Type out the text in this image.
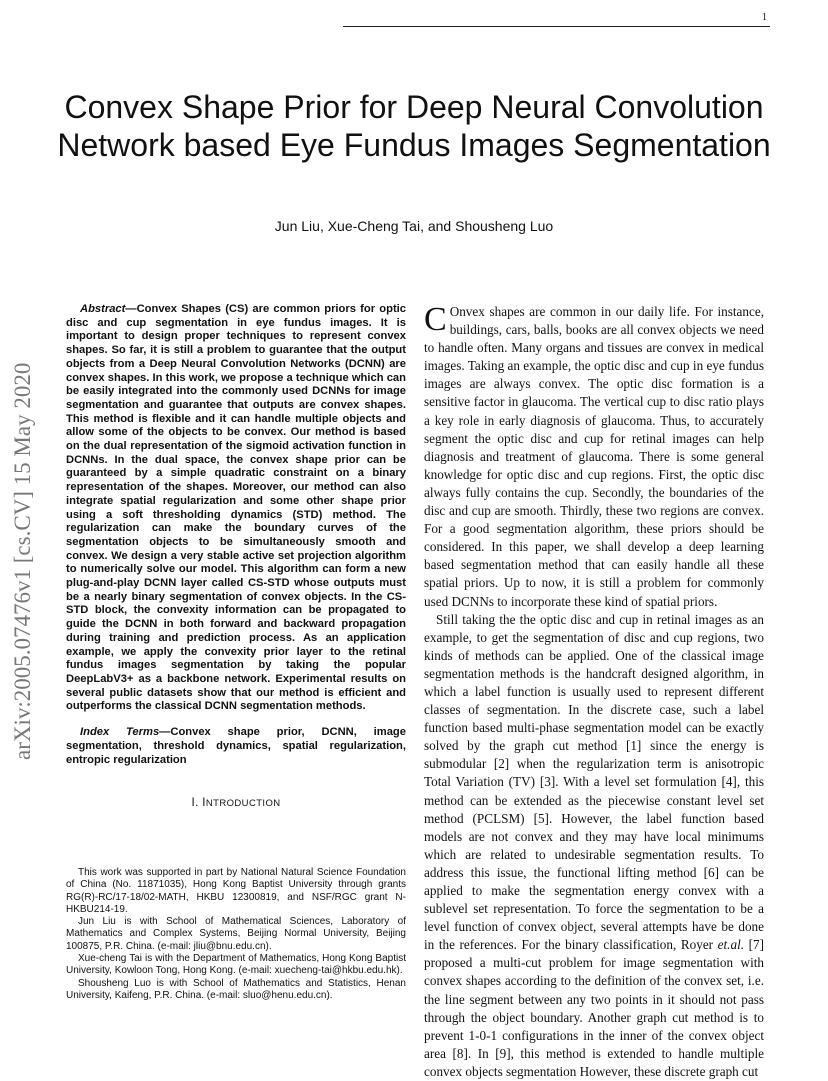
1
arXiv:2005.07476v1 [cs.CV] 15 May 2020
Convex Shape Prior for Deep Neural Convolution Network based Eye Fundus Images Segmentation
Jun Liu, Xue-Cheng Tai, and Shousheng Luo

Abstract—Convex Shapes (CS) are common priors for optic disc and cup segmentation in eye fundus images. It is important to design proper techniques to represent convex shapes. So far, it is still a problem to guarantee that the output objects from a Deep Neural Convolution Networks (DCNN) are convex shapes. In this work, we propose a technique which can be easily integrated into the commonly used DCNNs for image segmentation and guarantee that outputs are convex shapes. This method is flexible and it can handle multiple objects and allow some of the objects to be convex. Our method is based on the dual representation of the sigmoid activation function in DCNNs. In the dual space, the convex shape prior can be guaranteed by a simple quadratic constraint on a binary representation of the shapes. Moreover, our method can also integrate spatial regularization and some other shape prior using a soft thresholding dynamics (STD) method. The regularization can make the boundary curves of the segmentation objects to be simultaneously smooth and convex. We design a very stable active set projection algorithm to numerically solve our model. This algorithm can form a new plug-and-play DCNN layer called CS-STD whose outputs must be a nearly binary segmentation of convex objects. In the CS-STD block, the convexity information can be propagated to guide the DCNN in both forward and backward propagation during training and prediction process. As an application example, we apply the convexity prior layer to the retinal fundus images segmentation by taking the popular DeepLabV3+ as a backbone network. Experimental results on several public datasets show that our method is efficient and outperforms the classical DCNN segmentation methods.

Index Terms—Convex shape prior, DCNN, image segmentation, threshold dynamics, spatial regularization, entropic regularization

I. INTRODUCTION

This work was supported in part by National Natural Science Foundation of China (No. 11871035), Hong Kong Baptist University through grants RG(R)-RC/17-18/02-MATH, HKBU 12300819, and NSF/RGC grant N-HKBU214-19.

Jun Liu is with School of Mathematical Sciences, Laboratory of Mathematics and Complex Systems, Beijing Normal University, Beijing 100875, P.R. China. (e-mail: jliu@bnu.edu.cn).

Xue-cheng Tai is with the Department of Mathematics, Hong Kong Baptist University, Kowloon Tong, Hong Kong. (e-mail: xuecheng-tai@hkbu.edu.hk).

Shousheng Luo is with School of Mathematics and Statistics, Henan University, Kaifeng, P.R. China. (e-mail: sluo@henu.edu.cn).

C Onvex shapes are common in our daily life. For instance, buildings, cars, balls, books are all convex objects we need to handle often. Many organs and tissues are convex in medical images. Taking an example, the optic disc and cup in eye fundus images are always convex. The optic disc formation is a sensitive factor in glaucoma. The vertical cup to disc ratio plays a key role in early diagnosis of glaucoma. Thus, to accurately segment the optic disc and cup for retinal images can help diagnosis and treatment of glaucoma. There is some general knowledge for optic disc and cup regions. First, the optic disc always fully contains the cup. Secondly, the boundaries of the disc and cup are smooth. Thirdly, these two regions are convex. For a good segmentation algorithm, these priors should be considered. In this paper, we shall develop a deep learning based segmentation method that can easily handle all these spatial priors. Up to now, it is still a problem for commonly used DCNNs to incorporate these kind of spatial priors.

Still taking the the optic disc and cup in retinal images as an example, to get the segmentation of disc and cup regions, two kinds of methods can be applied. One of the classical image segmentation methods is the handcraft designed algorithm, in which a label function is usually used to represent different classes of segmentation. In the discrete case, such a label function based multi-phase segmentation model can be exactly solved by the graph cut method [1] since the energy is submodular [2] when the regularization term is anisotropic Total Variation (TV) [3]. With a level set formulation [4], this method can be extended as the piecewise constant level set method (PCLSM) [5]. However, the label function based models are not convex and they may have local minimums which are related to undesirable segmentation results. To address this issue, the functional lifting method [6] can be applied to make the segmentation energy convex with a sublevel set representation. To force the segmentation to be a level function of convex object, several attempts have be done in the references. For the binary classification, Royer et.al. [7] proposed a multi-cut problem for image segmentation with convex shapes according to the definition of the convex set, i.e. the line segment between any two points in it should not pass through the object boundary. Another graph cut method is to prevent 1-0-1 configurations in the inner of the convex object area [8]. In [9], this method is extended to handle multiple convex objects segmentation However, these discrete graph cut
